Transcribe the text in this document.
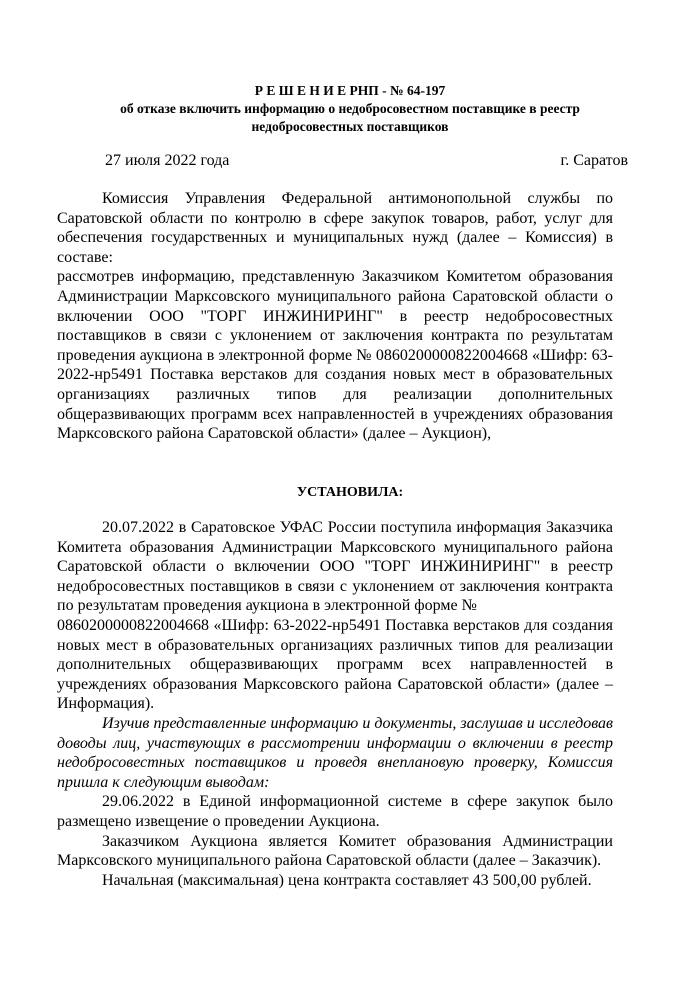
Р Е Ш Е Н И Е РНП - № 64-197
об отказе включить информацию о недобросовестном поставщике в реестр
недобросовестных поставщиков
27 июля 2022 года	г. Саратов

Комиссия Управления Федеральной антимонопольной службы по Саратовской области по контролю в сфере закупок товаров, работ, услуг для обеспечения государственных и муниципальных нужд (далее – Комиссия) в составе:

рассмотрев информацию, представленную Заказчиком Комитетом образования Администрации Марксовского муниципального района Саратовской области о включении ООО "ТОРГ ИНЖИНИРИНГ" в реестр недобросовестных поставщиков в связи с уклонением от заключения контракта по результатам проведения аукциона в электронной форме № 0860200000822004668 «Шифр: 63-2022-нр5491 Поставка верстаков для создания новых мест в образовательных организациях различных типов для реализации дополнительных общеразвивающих программ всех направленностей в учреждениях образования Марксовского района Саратовской области» (далее – Аукцион),

УСТАНОВИЛА:

20.07.2022 в Саратовское УФАС России поступила информация Заказчика Комитета образования Администрации Марксовского муниципального района Саратовской области о включении ООО "ТОРГ ИНЖИНИРИНГ" в реестр недобросовестных поставщиков в связи с уклонением от заключения контракта по результатам проведения аукциона в электронной форме №

0860200000822004668 «Шифр: 63-2022-нр5491 Поставка верстаков для создания новых мест в образовательных организациях различных типов для реализации дополнительных общеразвивающих программ всех направленностей в учреждениях образования Марксовского района Саратовской области» (далее – Информация).

Изучив представленные информацию и документы, заслушав и исследовав доводы лиц, участвующих в рассмотрении информации о включении в реестр недобросовестных поставщиков и проведя внеплановую проверку, Комиссия пришла к следующим выводам:

29.06.2022 в Единой информационной системе в сфере закупок было размещено извещение о проведении Аукциона.

Заказчиком Аукциона является Комитет образования Администрации Марксовского муниципального района Саратовской области (далее – Заказчик).

Начальная (максимальная) цена контракта составляет 43 500,00 рублей.
